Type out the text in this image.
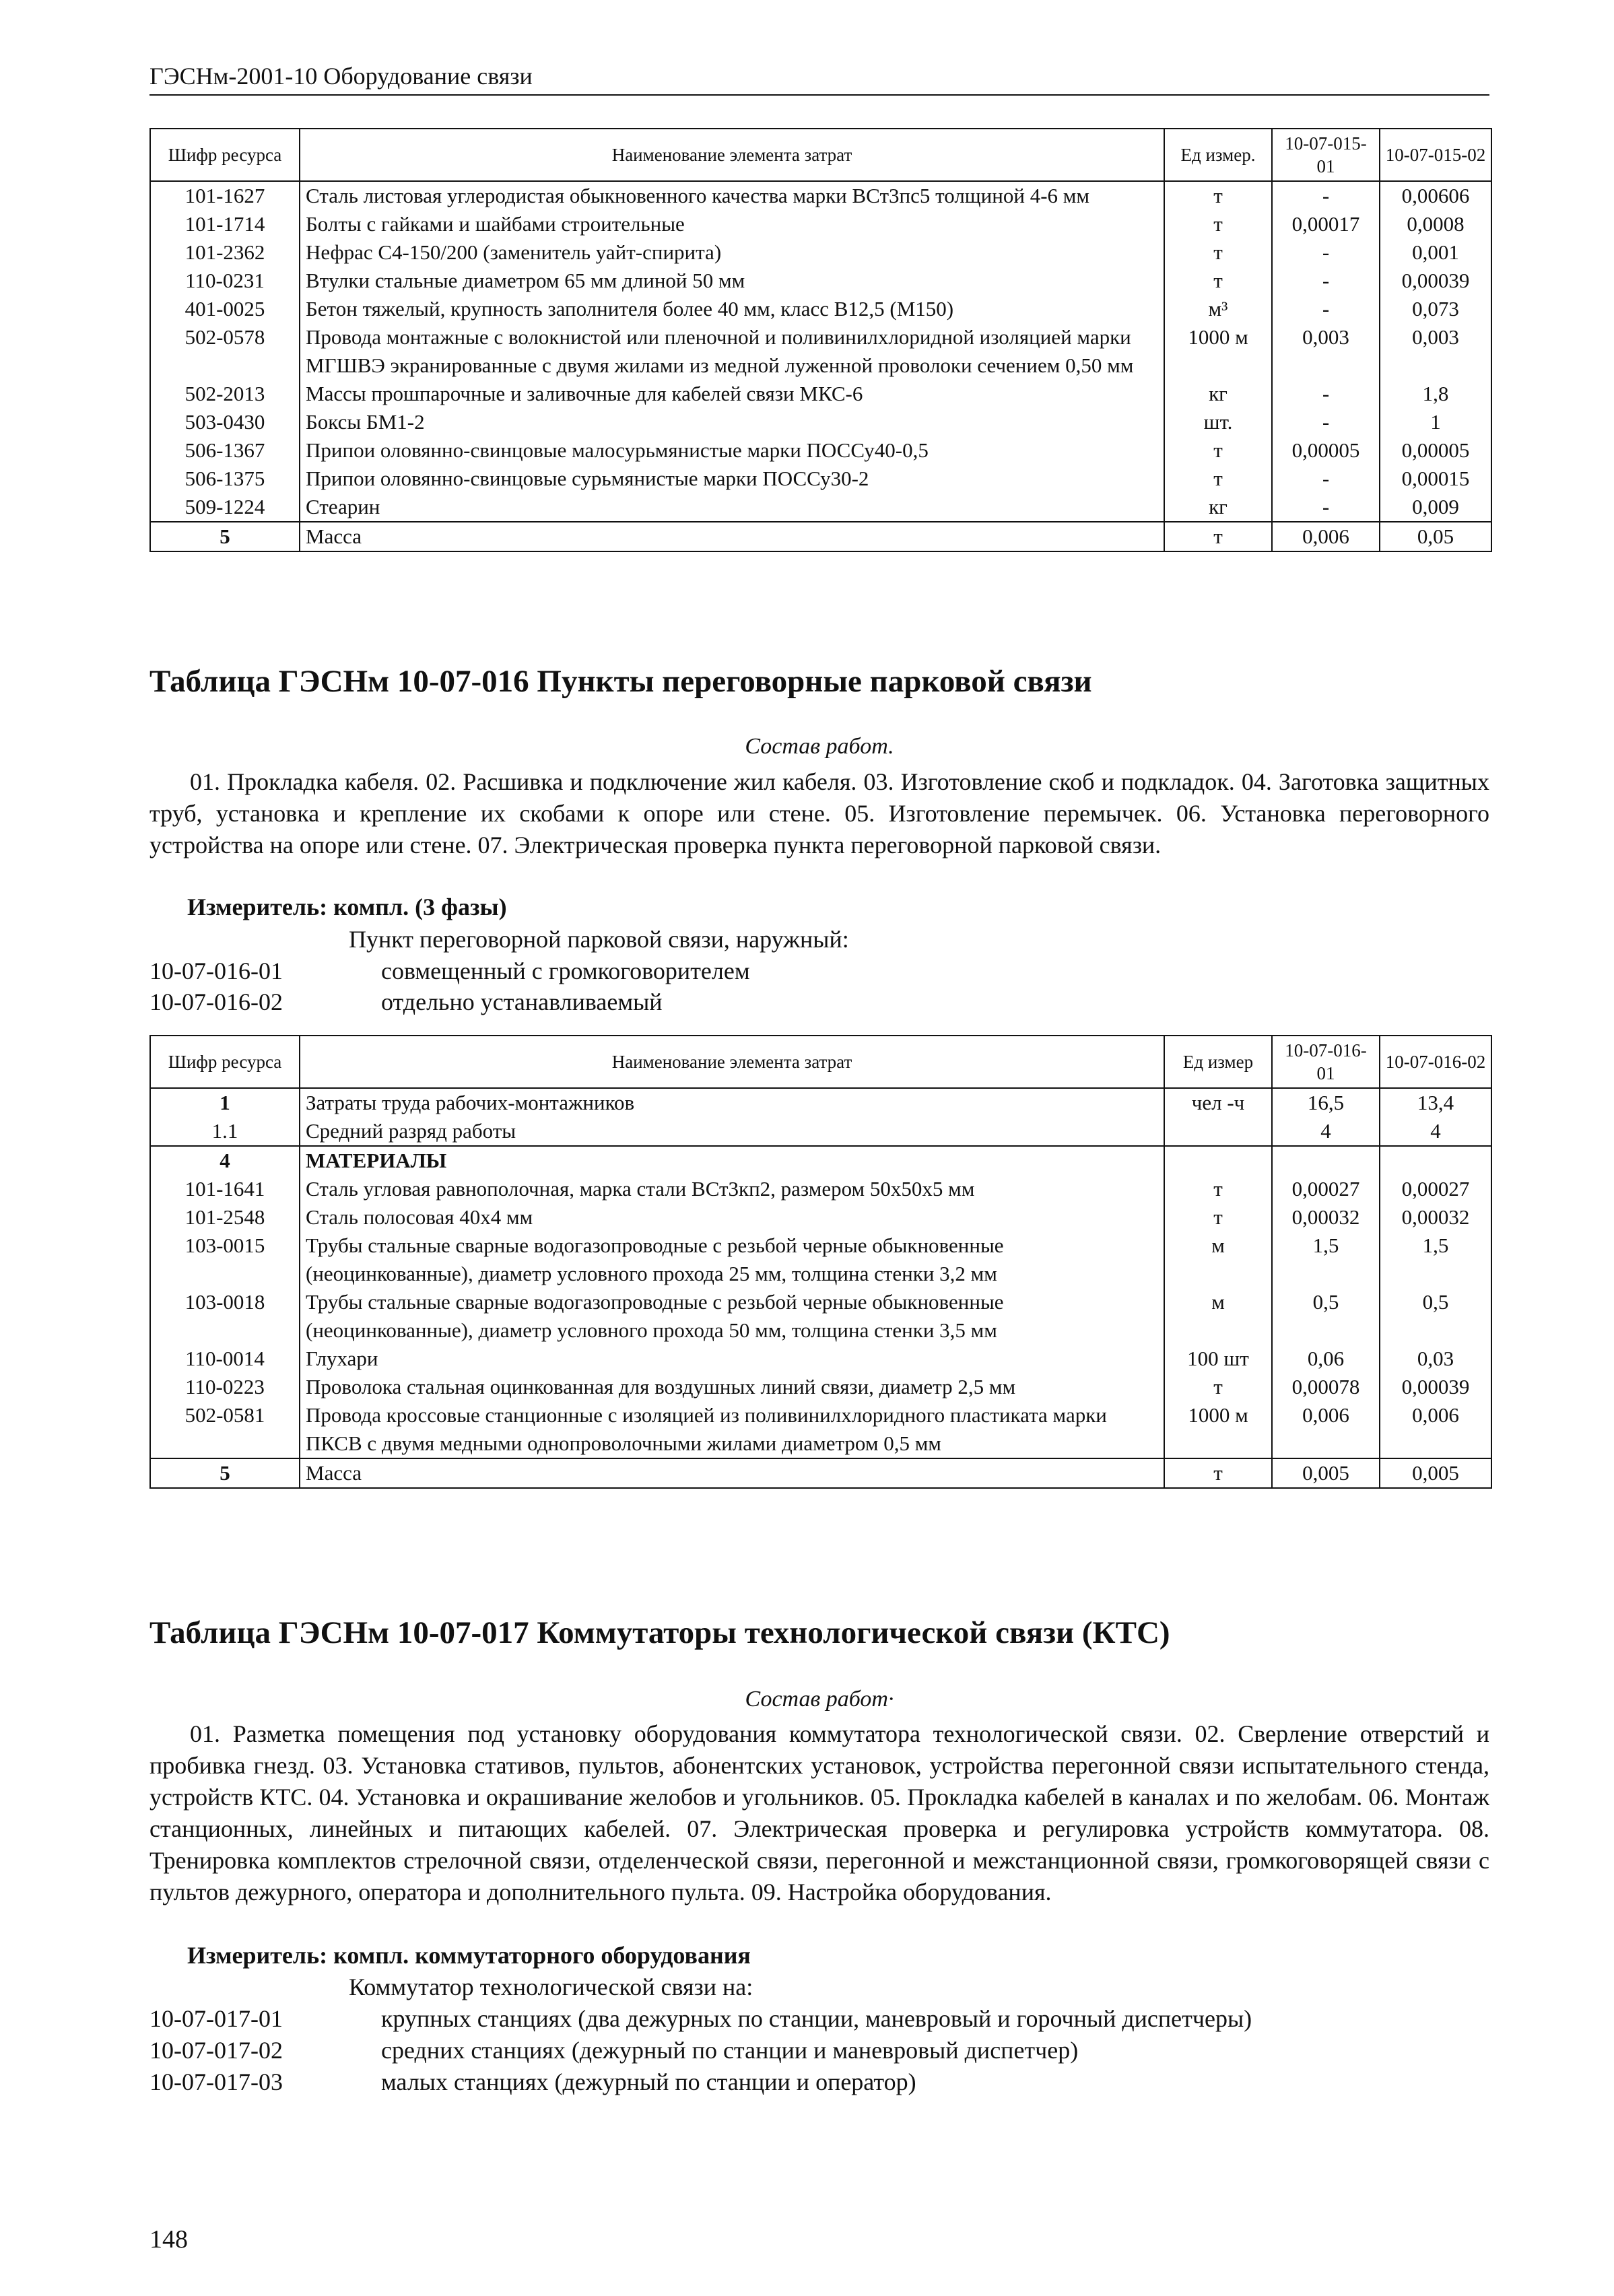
ГЭСНм-2001-10 Оборудование связи
Шифр ресурса	Наименование элемента затрат	Ед измер.	10-07-015-01	10-07-015-02
101-1627	Сталь листовая углеродистая обыкновенного качества марки ВСт3пс5 толщиной 4-6 мм	т	-	0,00606
101-1714	Болты с гайками и шайбами строительные	т	0,00017	0,0008
101-2362	Нефрас С4-150/200 (заменитель уайт-спирита)	т	-	0,001
110-0231	Втулки стальные диаметром 65 мм длиной 50 мм	т	-	0,00039
401-0025	Бетон тяжелый, крупность заполнителя более 40 мм, класс В12,5 (М150)	м³	-	0,073
502-0578	Провода монтажные с волокнистой или пленочной и поливинилхлоридной изоляцией марки МГШВЭ экранированные с двумя жилами из медной луженной проволоки сечением 0,50 мм	1000 м	0,003	0,003
502-2013	Массы прошпарочные и заливочные для кабелей связи МКС-6	кг	-	1,8
503-0430	Боксы БМ1-2	шт.	-	1
506-1367	Припои оловянно-свинцовые малосурьмянистые марки ПОССу40-0,5	т	0,00005	0,00005
506-1375	Припои оловянно-свинцовые сурьмянистые марки ПОССу30-2	т	-	0,00015
509-1224	Стеарин	кг	-	0,009
5	Масса	т	0,006	0,05
Таблица ГЭСНм 10-07-016 Пункты переговорные парковой связи
Состав работ.
01. Прокладка кабеля. 02. Расшивка и подключение жил кабеля. 03. Изготовление скоб и подкладок. 04. Заготовка защитных труб, установка и крепление их скобами к опоре или стене. 05. Изготовление перемычек. 06. Установка переговорного устройства на опоре или стене. 07. Электрическая проверка пункта переговорной парковой связи.
Измеритель: компл. (3 фазы)
Пункт переговорной парковой связи, наружный:
10-07-016-01	совмещенный с громкоговорителем
10-07-016-02	отдельно устанавливаемый
Шифр ресурса	Наименование элемента затрат	Ед измер	10-07-016-01	10-07-016-02
1	Затраты труда рабочих-монтажников	чел -ч	16,5	13,4
1.1	Средний разряд работы		4	4
4	МАТЕРИАЛЫ			
101-1641	Сталь угловая равнополочная, марка стали ВСт3кп2, размером 50х50х5 мм	т	0,00027	0,00027
101-2548	Сталь полосовая 40х4 мм	т	0,00032	0,00032
103-0015	Трубы стальные сварные водогазопроводные с резьбой черные обыкновенные (неоцинкованные), диаметр условного прохода 25 мм, толщина стенки 3,2 мм	м	1,5	1,5
103-0018	Трубы стальные сварные водогазопроводные с резьбой черные обыкновенные (неоцинкованные), диаметр условного прохода 50 мм, толщина стенки 3,5 мм	м	0,5	0,5
110-0014	Глухари	100 шт	0,06	0,03
110-0223	Проволока стальная оцинкованная для воздушных линий связи, диаметр 2,5 мм	т	0,00078	0,00039
502-0581	Провода кроссовые станционные с изоляцией из поливинилхлоридного пластиката марки ПКСВ с двумя медными однопроволочными жилами диаметром 0,5 мм	1000 м	0,006	0,006
5	Масса	т	0,005	0,005
Таблица ГЭСНм 10-07-017 Коммутаторы технологической связи (КТС)
Состав работ·
01. Разметка помещения под установку оборудования коммутатора технологической связи. 02. Сверление отверстий и пробивка гнезд. 03. Установка стативов, пультов, абонентских установок, устройства перегонной связи испытательного стенда, устройств КТС. 04. Установка и окрашивание желобов и угольников. 05. Прокладка кабелей в каналах и по желобам. 06. Монтаж станционных, линейных и питающих кабелей. 07. Электрическая проверка и регулировка устройств коммутатора. 08. Тренировка комплектов стрелочной связи, отделенческой связи, перегонной и межстанционной связи, громкоговорящей связи с пультов дежурного, оператора и дополнительного пульта. 09. Настройка оборудования.
Измеритель: компл. коммутаторного оборудования
Коммутатор технологической связи на:
10-07-017-01	крупных станциях (два дежурных по станции, маневровый и горочный диспетчеры)
10-07-017-02	средних станциях (дежурный по станции и маневровый диспетчер)
10-07-017-03	малых станциях (дежурный по станции и оператор)
148
